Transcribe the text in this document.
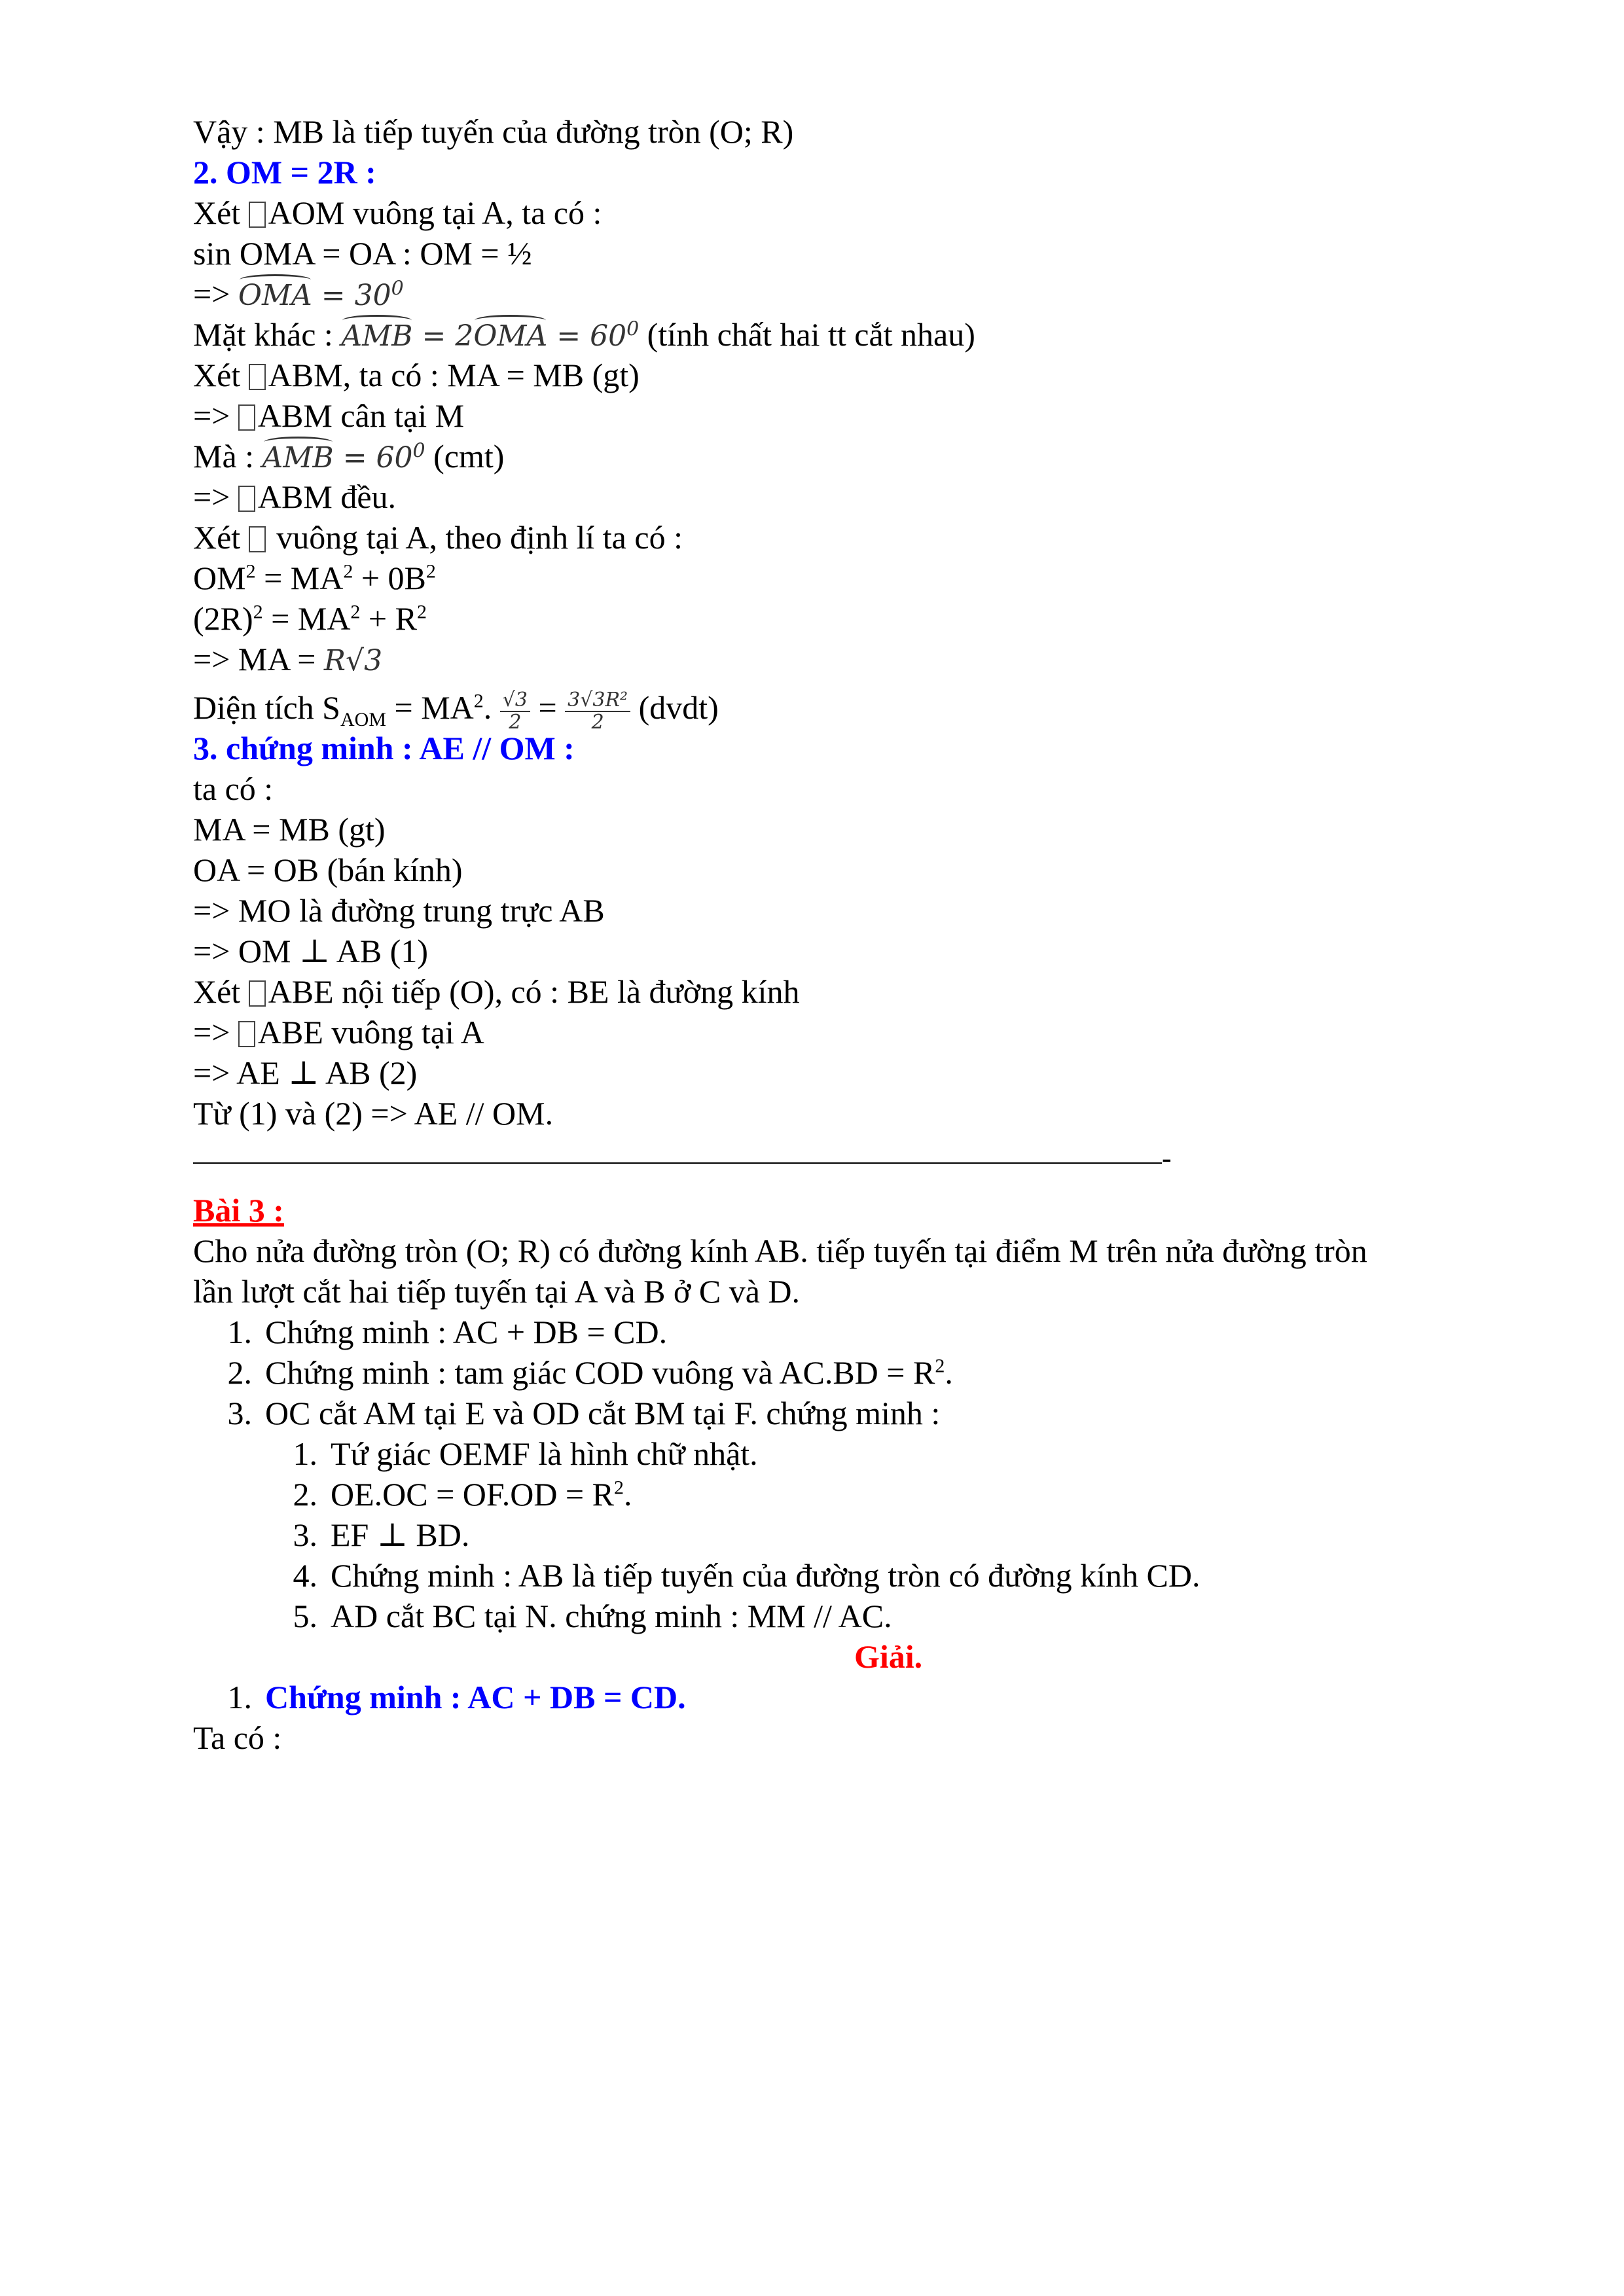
Vậy : MB là tiếp tuyến của đường tròn (O; R)
2. OM = 2R :
Xét AOM vuông tại A, ta có :
sin OMA = OA : OM = ½
=> OMA = $30^0$
Mặt khác : AMB = $2OMA = 60^0$ (tính chất hai tt cắt nhau)
Xét ABM, ta có : MA = MB (gt)
=> ABM cân tại M
Mà : AMB = $60^0$ (cmt)
=> ABM đều.
Xét  vuông tại A, theo định lí ta có :
$OM^2 = MA^2 + 0B^2$
$(2R)^2 = MA^2 + R^2$
=> MA = R√3
Diện tích $S_{AOM} = MA^2$. $\frac{√3}{2} = \frac{\text{3√3R²}}{2}$ (dvdt)
3. chứng minh : AE // OM :
ta có :
MA = MB (gt)
OA = OB (bán kính)
=> MO là đường trung trực AB
=> OM ⊥ AB (1)
Xét ABE nội tiếp (O), có : BE là đường kính
=> ABE vuông tại A
=> AE ⊥ AB (2)
Từ (1) và (2) => AE // OM.
-
Bài 3 :
Cho nửa đường tròn (O; R) có đường kính AB. tiếp tuyến tại điểm M trên nửa đường tròn
lần lượt cắt hai tiếp tuyến tại A và B ở C và D.
1. Chứng minh : AC + DB = CD.
2. Chứng minh : tam giác COD vuông và $AC.BD = R^2$.
3. OC cắt AM tại E và OD cắt BM tại F. chứng minh :
1. Tứ giác OEMF là hình chữ nhật.
2. $OE.OC = OF.OD = R^2$.
3. EF ⊥ BD.
4. Chứng minh : AB là tiếp tuyến của đường tròn có đường kính CD.
5. AD cắt BC tại N. chứng minh : MM // AC.
Giải.
1. Chứng minh : AC + DB = CD.
Ta có :
